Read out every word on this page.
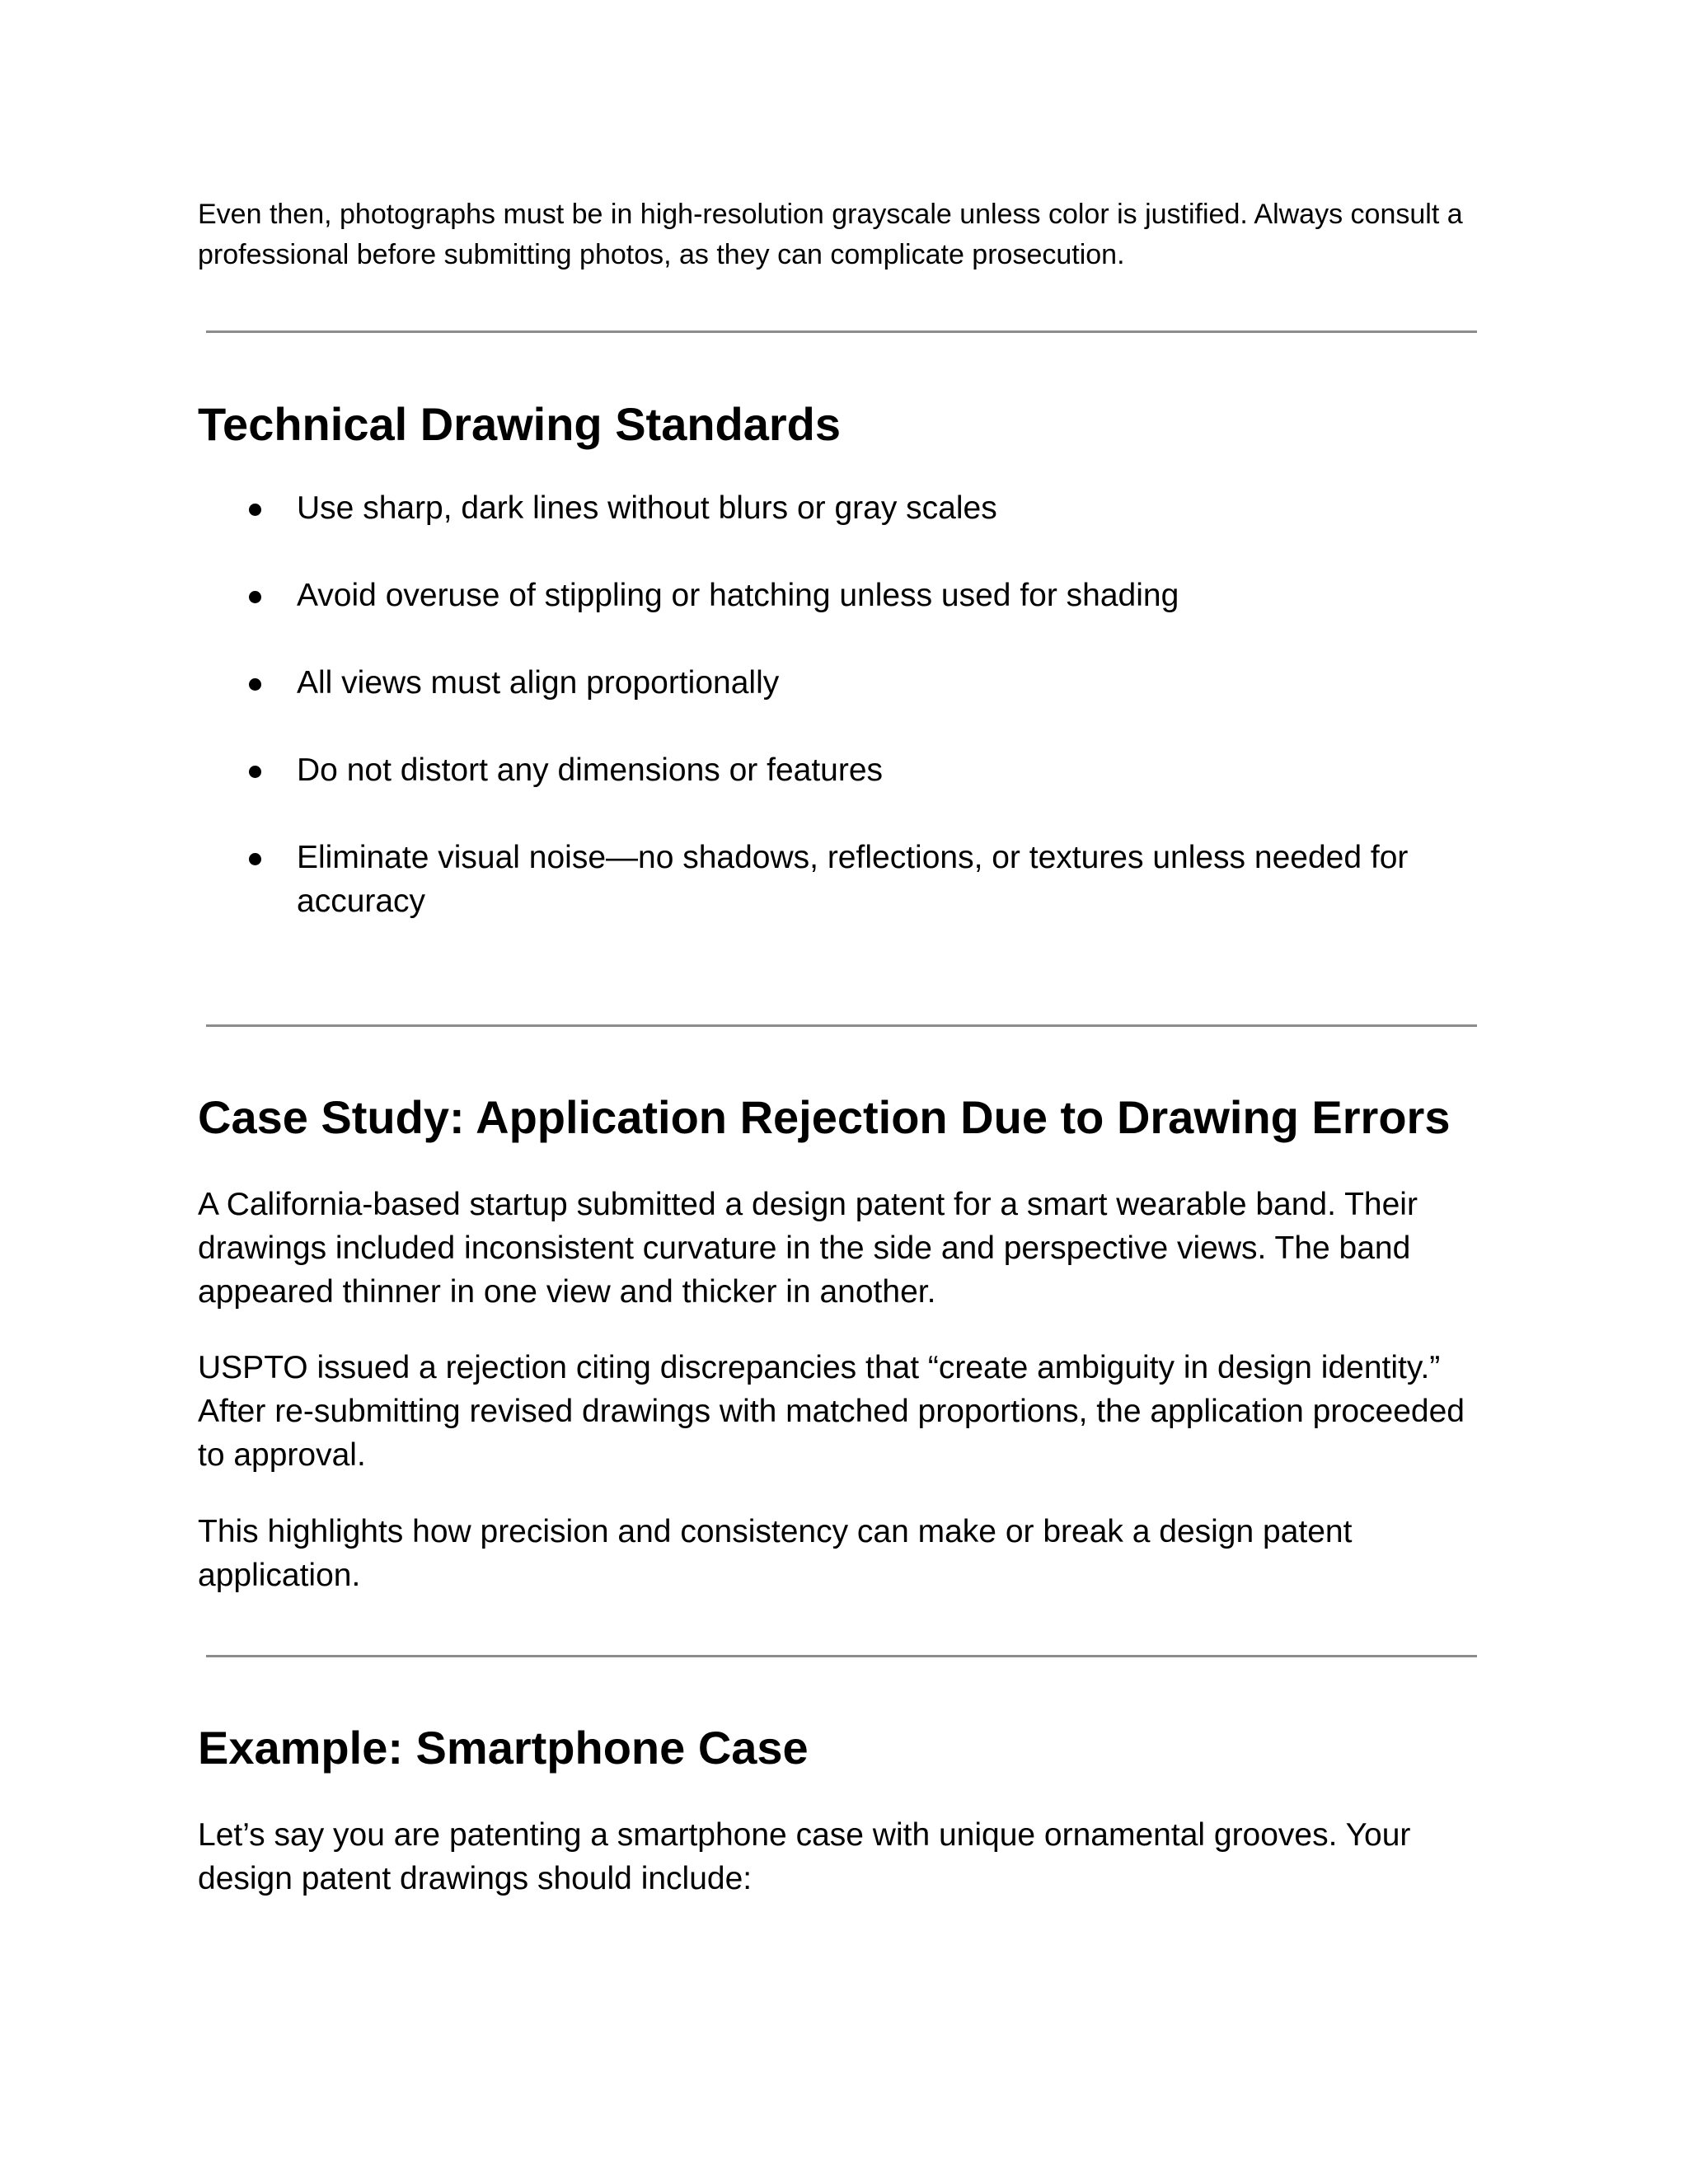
Even then, photographs must be in high-resolution grayscale unless color is justified. Always consult a professional before submitting photos, as they can complicate prosecution.

Technical Drawing Standards
Use sharp, dark lines without blurs or gray scales
Avoid overuse of stippling or hatching unless used for shading
All views must align proportionally
Do not distort any dimensions or features
Eliminate visual noise—no shadows, reflections, or textures unless needed for accuracy
Case Study: Application Rejection Due to Drawing Errors

A California-based startup submitted a design patent for a smart wearable band. Their drawings included inconsistent curvature in the side and perspective views. The band appeared thinner in one view and thicker in another.

USPTO issued a rejection citing discrepancies that “create ambiguity in design identity.” After re-submitting revised drawings with matched proportions, the application proceeded to approval.

This highlights how precision and consistency can make or break a design patent application.

Example: Smartphone Case

Let’s say you are patenting a smartphone case with unique ornamental grooves. Your design patent drawings should include:
